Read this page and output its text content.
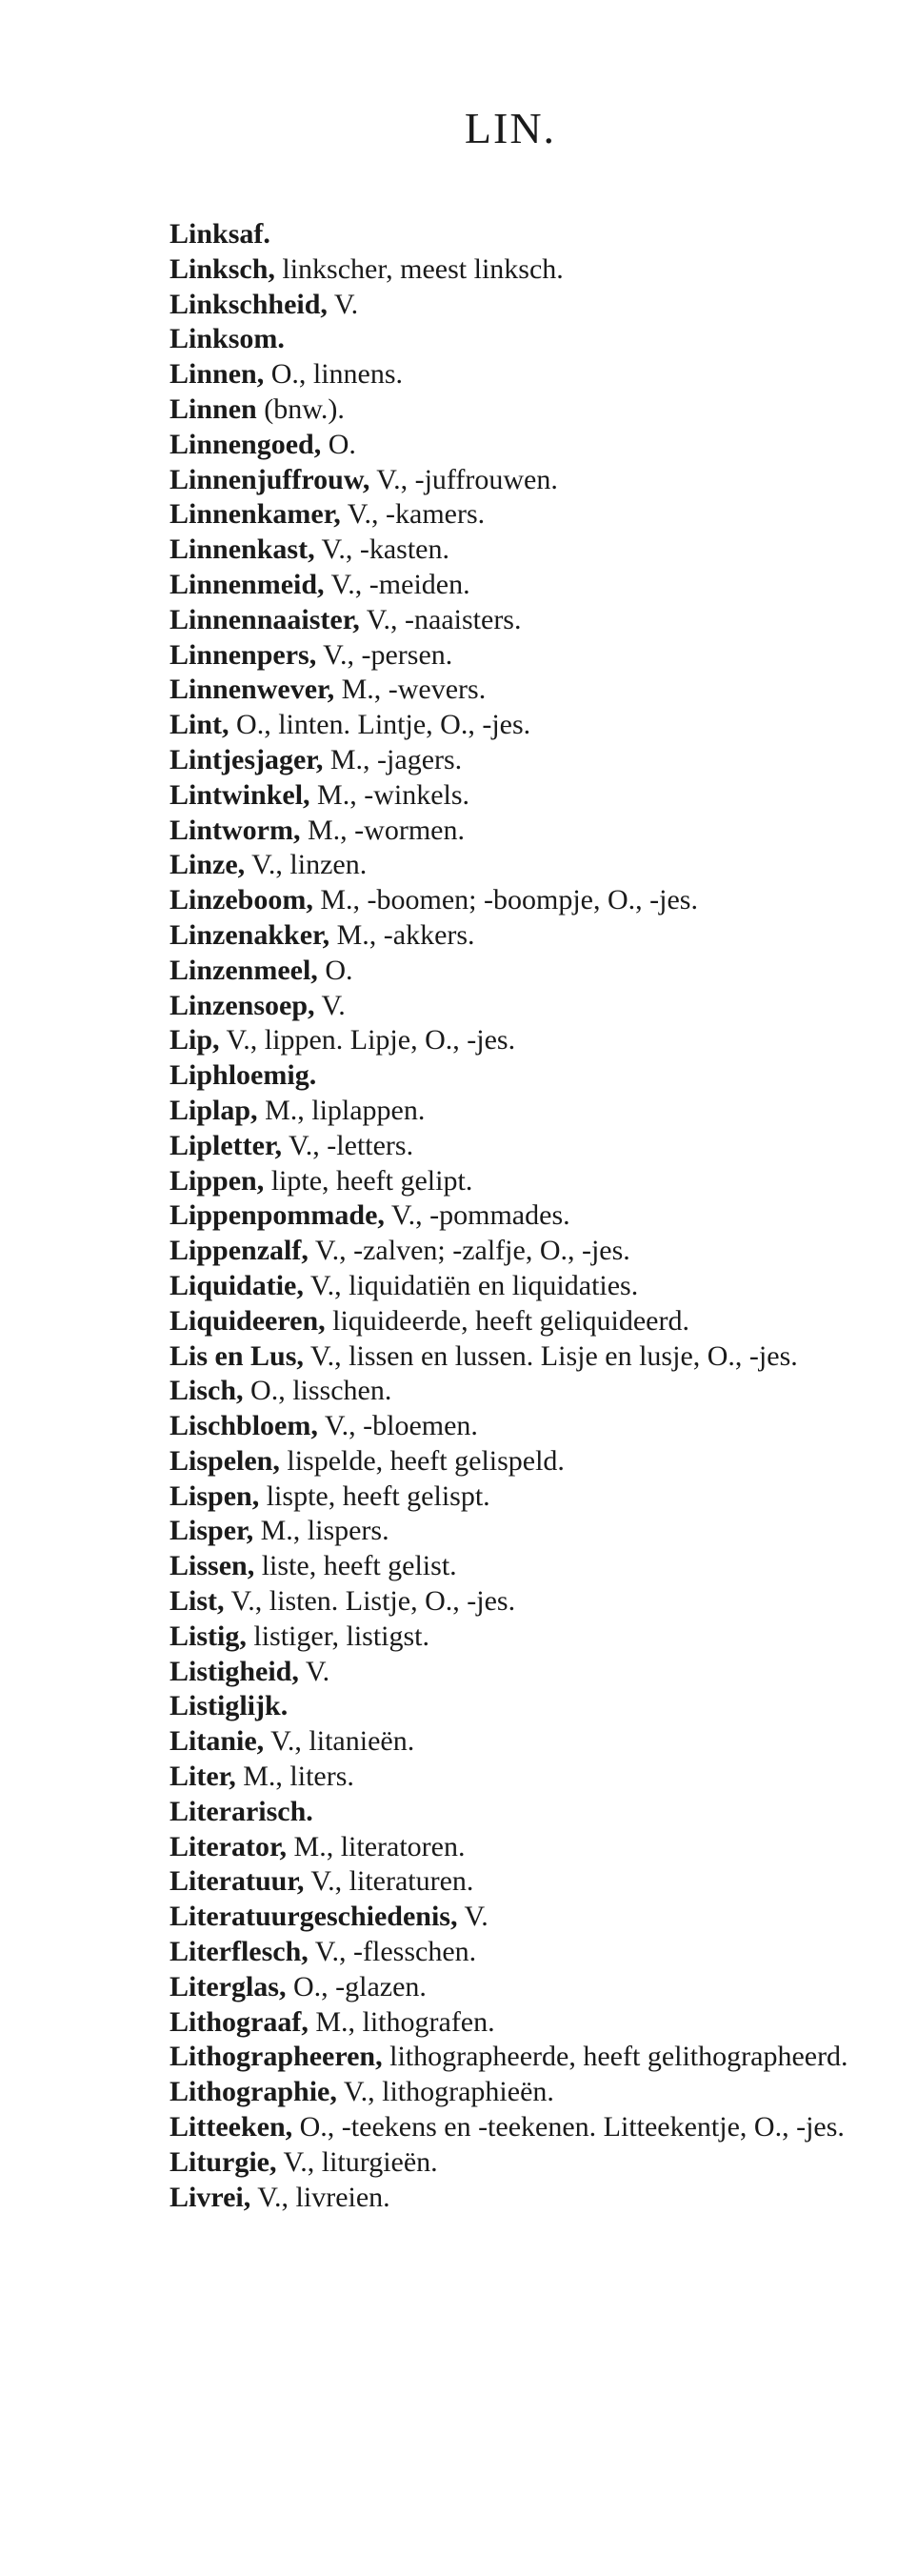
LIN.

Linksaf.

Linksch, linkscher, meest linksch.

Linkschheid, V.

Linksom.

Linnen, O., linnens.

Linnen (bnw.).

Linnengoed, O.

Linnenjuffrouw, V., -juffrouwen.

Linnenkamer, V., -kamers.

Linnenkast, V., -kasten.

Linnenmeid, V., -meiden.

Linnennaaister, V., -naaisters.

Linnenpers, V., -persen.

Linnenwever, M., -wevers.

Lint, O., linten. Lintje, O., -jes.

Lintjesjager, M., -jagers.

Lintwinkel, M., -winkels.

Lintworm, M., -wormen.

Linze, V., linzen.

Linzeboom, M., -boomen; -boompje, O., -jes.

Linzenakker, M., -akkers.

Linzenmeel, O.

Linzensoep, V.

Lip, V., lippen. Lipje, O., -jes.

Liphloemig.

Liplap, M., liplappen.

Lipletter, V., -letters.

Lippen, lipte, heeft gelipt.

Lippenpommade, V., -pommades.

Lippenzalf, V., -zalven; -zalfje, O., -jes.

Liquidatie, V., liquidatiën en liquidaties.

Liquideeren, liquideerde, heeft geliquideerd.

Lis en Lus, V., lissen en lussen. Lisje en lusje, O., -jes.

Lisch, O., lisschen.

Lischbloem, V., -bloemen.

Lispelen, lispelde, heeft gelispeld.

Lispen, lispte, heeft gelispt.

Lisper, M., lispers.

Lissen, liste, heeft gelist.

List, V., listen. Listje, O., -jes.

Listig, listiger, listigst.

Listigheid, V.

Listiglijk.

Litanie, V., litanieën.

Liter, M., liters.

Literarisch.

Literator, M., literatoren.

Literatuur, V., literaturen.

Literatuurgeschiedenis, V.

Literflesch, V., -flesschen.

Literglas, O., -glazen.

Lithograaf, M., lithografen.

Lithographeeren, lithographeerde, heeft gelithographeerd.

Lithographie, V., lithographieën.

Litteeken, O., -teekens en -teekenen. Litteekentje, O., -jes.

Liturgie, V., liturgieën.

Livrei, V., livreien.
